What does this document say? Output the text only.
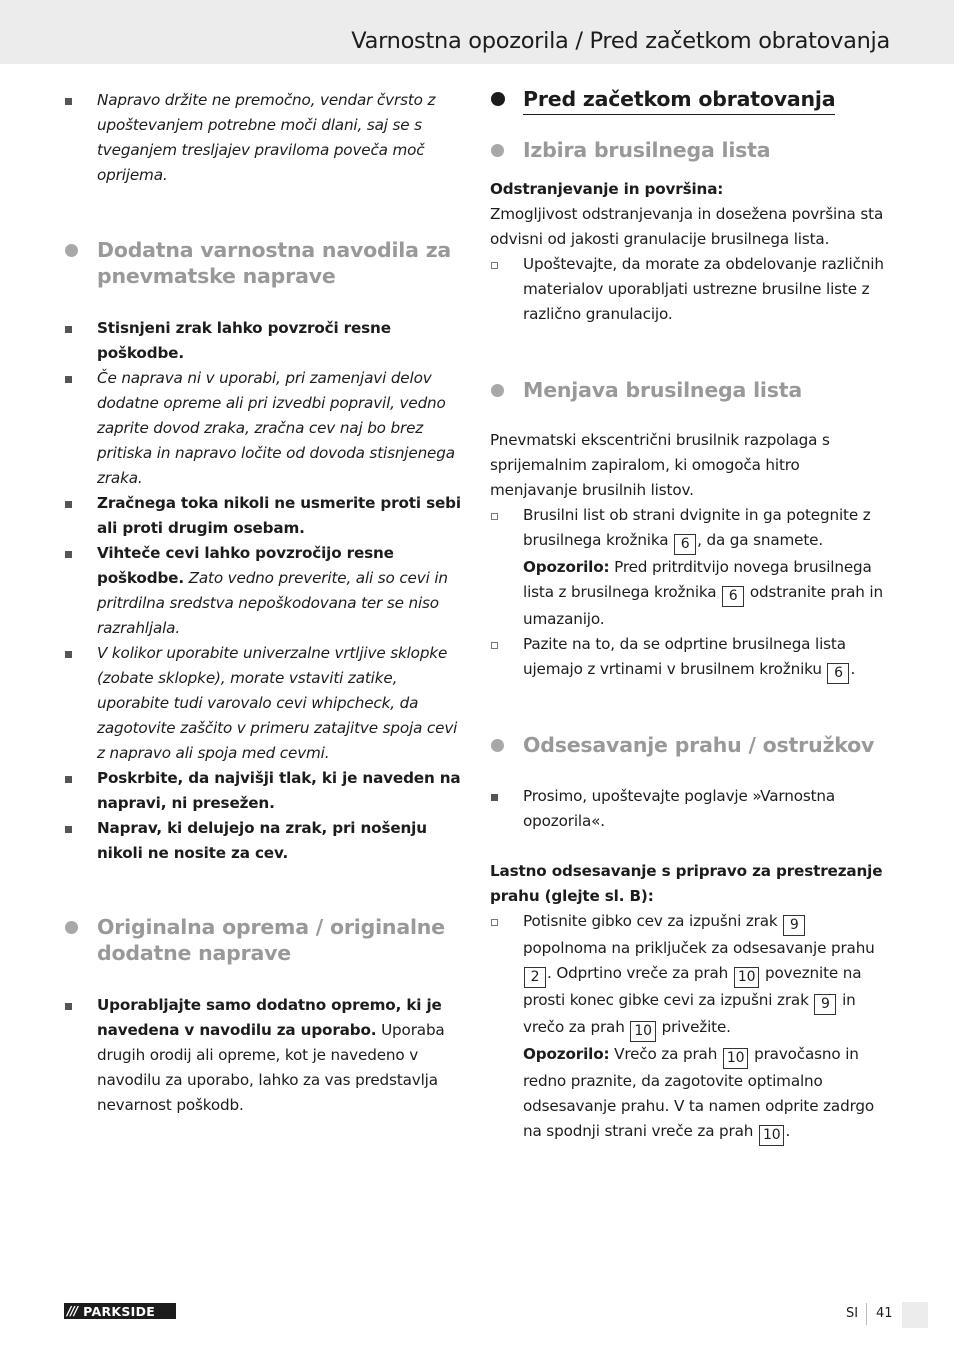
Varnostna opozorila / Pred začetkom obratovanja
Napravo držite ne premočno, vendar čvrsto z upoštevanjem potrebne moči dlani, saj se s tveganjem tresljajev praviloma poveča moč oprijema.
Dodatna varnostna navodila za pnevmatske naprave
Stisnjeni zrak lahko povzroči resne poškodbe.
Če naprava ni v uporabi, pri zamenjavi delov dodatne opreme ali pri izvedbi popravil, vedno zaprite dovod zraka, zračna cev naj bo brez pritiska in napravo ločite od dovoda stisnjenega zraka.
Zračnega toka nikoli ne usmerite proti sebi ali proti drugim osebam.
Vihteče cevi lahko povzročijo resne poškodbe. Zato vedno preverite, ali so cevi in pritrdilna sredstva nepoškodovana ter se niso razrahljala.
V kolikor uporabite univerzalne vrtljive sklopke (zobate sklopke), morate vstaviti zatike, uporabite tudi varovalo cevi whipcheck, da zagotovite zaščito v primeru zatajitve spoja cevi z napravo ali spoja med cevmi.
Poskrbite, da najvišji tlak, ki je naveden na napravi, ni presežen.
Naprav, ki delujejo na zrak, pri nošenju nikoli ne nosite za cev.
Originalna oprema / originalne dodatne naprave
Uporabljajte samo dodatno opremo, ki je navedena v navodilu za uporabo. Uporaba drugih orodij ali opreme, kot je navedeno v navodilu za uporabo, lahko za vas predstavlja nevarnost poškodb.
Pred začetkom obratovanja
Izbira brusilnega lista
Odstranjevanje in površina:
Zmogljivost odstranjevanja in dosežena površina sta odvisni od jakosti granulacije brusilnega lista.
Upoštevajte, da morate za obdelovanje različnih materialov uporabljati ustrezne brusilne liste z različno granulacijo.
Menjava brusilnega lista
Pnevmatski ekscentrični brusilnik razpolaga s sprijemalnim zapiralom, ki omogoča hitro menjavanje brusilnih listov.
Brusilni list ob strani dvignite in ga potegnite z brusilnega krožnika 6 , da ga snamete.
Opozorilo: Pred pritrditvijo novega brusilnega lista z brusilnega krožnika 6 odstranite prah in umazanijo.
Pazite na to, da se odprtine brusilnega lista ujemajo z vrtinami v brusilnem krožniku 6 .
Odsesavanje prahu / ostružkov
Prosimo, upoštevajte poglavje »Varnostna opozorila«.
Lastno odsesavanje s pripravo za prestrezanje prahu (glejte sl. B):
Potisnite gibko cev za izpušni zrak 9 popolnoma na priključek za odsesavanje prahu 2 . Odprtino vreče za prah 10 poveznite na prosti konec gibke cevi za izpušni zrak 9 in vrečo za prah 10 privežite.
Opozorilo: Vrečo za prah 10 pravočasno in redno praznite, da zagotovite optimalno odsesavanje prahu. V ta namen odprite zadrgo na spodnji strani vreče za prah 10 .
/// PARKSIDE	SI 41
